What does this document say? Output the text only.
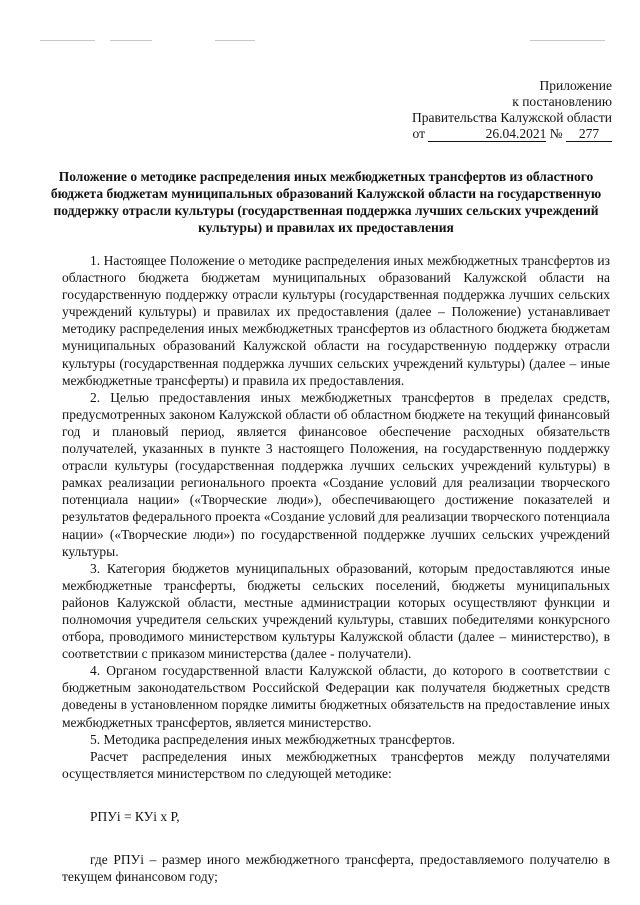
Приложение
к постановлению
Правительства Калужской области
от	26.04.2021 № 277
Положение о методике распределения иных межбюджетных трансфертов из областного бюджета бюджетам муниципальных образований Калужской области на государственную поддержку отрасли культуры (государственная поддержка лучших сельских учреждений культуры) и правилах их предоставления

1. Настоящее Положение о методике распределения иных межбюджетных трансфертов из областного бюджета бюджетам муниципальных образований Калужской области на государственную поддержку отрасли культуры (государственная поддержка лучших сельских учреждений культуры) и правилах их предоставления (далее – Положение) устанавливает методику распределения иных межбюджетных трансфертов из областного бюджета бюджетам муниципальных образований Калужской области на государственную поддержку отрасли культуры (государственная поддержка лучших сельских учреждений культуры) (далее – иные межбюджетные трансферты) и правила их предоставления.

2. Целью предоставления иных межбюджетных трансфертов в пределах средств, предусмотренных законом Калужской области об областном бюджете на текущий финансовый год и плановый период, является финансовое обеспечение расходных обязательств получателей, указанных в пункте 3 настоящего Положения, на государственную поддержку отрасли культуры (государственная поддержка лучших сельских учреждений культуры) в рамках реализации регионального проекта «Создание условий для реализации творческого потенциала нации» («Творческие люди»), обеспечивающего достижение показателей и результатов федерального проекта «Создание условий для реализации творческого потенциала нации» («Творческие люди») по государственной поддержке лучших сельских учреждений культуры.

3. Категория бюджетов муниципальных образований, которым предоставляются иные межбюджетные трансферты, бюджеты сельских поселений, бюджеты муниципальных районов Калужской области, местные администрации которых осуществляют функции и полномочия учредителя сельских учреждений культуры, ставших победителями конкурсного отбора, проводимого министерством культуры Калужской области (далее – министерство), в соответствии с приказом министерства (далее - получатели).

4. Органом государственной власти Калужской области, до которого в соответствии с бюджетным законодательством Российской Федерации как получателя бюджетных средств доведены в установленном порядке лимиты бюджетных обязательств на предоставление иных межбюджетных трансфертов, является министерство.

5. Методика распределения иных межбюджетных трансфертов.

Расчет распределения иных межбюджетных трансфертов между получателями осуществляется министерством по следующей методике:

РПУi = КУi x Р,

где РПУi – размер иного межбюджетного трансферта, предоставляемого получателю в текущем финансовом году;
